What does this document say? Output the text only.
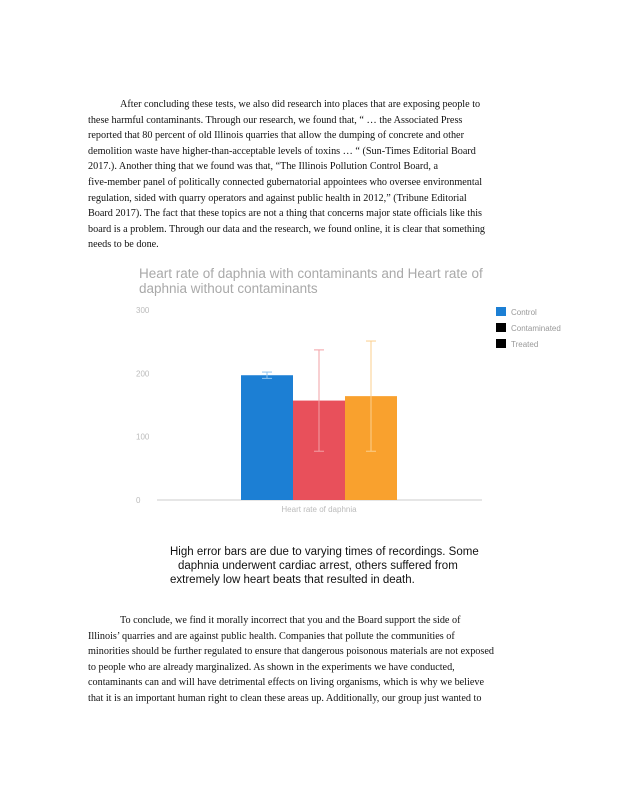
After concluding these tests, we also did research into places that are exposing people to
these harmful contaminants. Through our research, we found that, “ … the Associated Press
reported that 80 percent of old Illinois quarries that allow the dumping of concrete and other
demolition waste have higher-than-acceptable levels of toxins … “ (Sun-Times Editorial Board
2017.). Another thing that we found was that, “The Illinois Pollution Control Board, a
five-member panel of politically connected gubernatorial appointees who oversee environmental
regulation, sided with quarry operators and against public health in 2012,” (Tribune Editorial
Board 2017). The fact that these topics are not a thing that concerns major state officials like this
board is a problem. Through our data and the research, we found online, it is clear that something
needs to be done.
Heart rate of daphnia with contaminants and Heart rate of
daphnia without contaminants
0
100
200
300
Heart rate of daphnia
Control
Contaminated
Treated
High error bars are due to varying times of recordings. Some
daphnia underwent cardiac arrest, others suffered from
extremely low heart beats that resulted in death.
To conclude, we find it morally incorrect that you and the Board support the side of
Illinois’ quarries and are against public health. Companies that pollute the communities of
minorities should be further regulated to ensure that dangerous poisonous materials are not exposed
to people who are already marginalized. As shown in the experiments we have conducted,
contaminants can and will have detrimental effects on living organisms, which is why we believe
that it is an important human right to clean these areas up. Additionally, our group just wanted to
